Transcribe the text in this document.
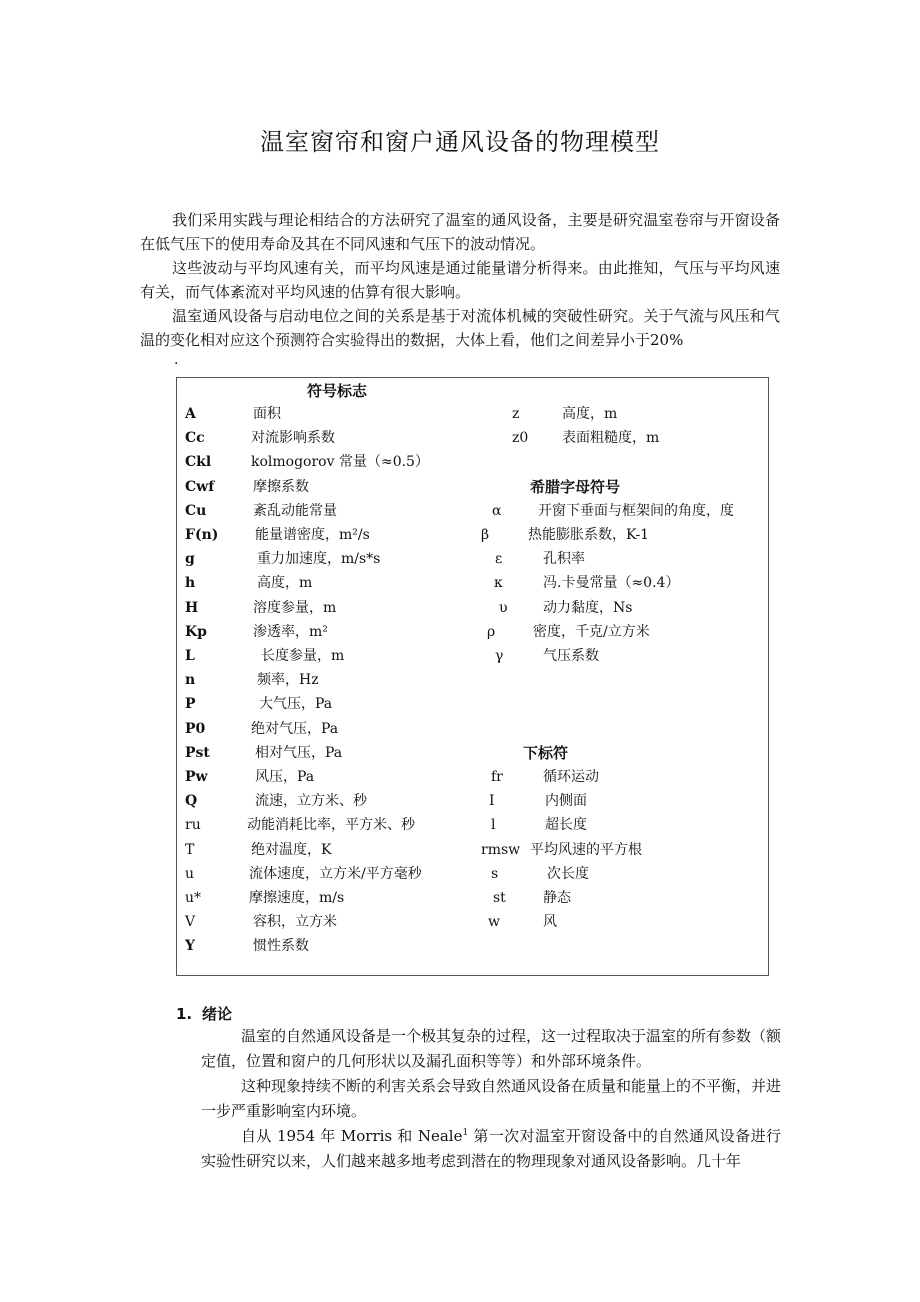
温室窗帘和窗户通风设备的物理模型

我们采用实践与理论相结合的方法研究了温室的通风设备，主要是研究温室卷帘与开窗设备在低气压下的使用寿命及其在不同风速和气压下的波动情况。

这些波动与平均风速有关，而平均风速是通过能量谱分析得来。由此推知，气压与平均风速有关，而气体紊流对平均风速的估算有很大影响。

温室通风设备与启动电位之间的关系是基于对流体机械的突破性研究。关于气流与风压和气温的变化相对应这个预测符合实验得出的数据，大体上看，他们之间差异小于20%

.
符号标志
希腊字母符号
下标符
A	面积
Cc	对流影响系数
Ckl	kolmogorov 常量（≈0.5）
Cwf	摩擦系数
Cu	紊乱动能常量
F(n)	能量谱密度，m²/s
g	重力加速度，m/s*s
h	高度，m
H	溶度参量，m
Kp	渗透率，m²
L	长度参量，m
n	频率，Hz
P	大气压，Pa
P0	绝对气压，Pa
Pst	相对气压，Pa
Pw	风压，Pa
Q	流速，立方米、秒
ru	动能消耗比率，平方米、秒
T	绝对温度，K
u	流体速度，立方米/平方毫秒
u*	摩擦速度，m/s
V	容积，立方米
Y	惯性系数
z	高度，m
z0 表面粗糙度，m
α	开窗下垂面与框架间的角度，度
β	热能膨胀系数，K-1
ε	孔积率
κ	冯.卡曼常量（≈0.4）
υ	动力黏度，Ns
ρ	密度，千克/立方米
γ	气压系数
fr	循环运动
I	内侧面
l	超长度
rmsw 平均风速的平方根
s	次长度
st	静态
w	风
1. 绪论

温室的自然通风设备是一个极其复杂的过程，这一过程取决于温室的所有参数（额定值，位置和窗户的几何形状以及漏孔面积等等）和外部环境条件。

这种现象持续不断的利害关系会导致自然通风设备在质量和能量上的不平衡，并进一步严重影响室内环境。

自从 1954 年 Morris 和 Neale$^1$ 第一次对温室开窗设备中的自然通风设备进行实验性研究以来，人们越来越多地考虑到潜在的物理现象对通风设备影响。几十年
